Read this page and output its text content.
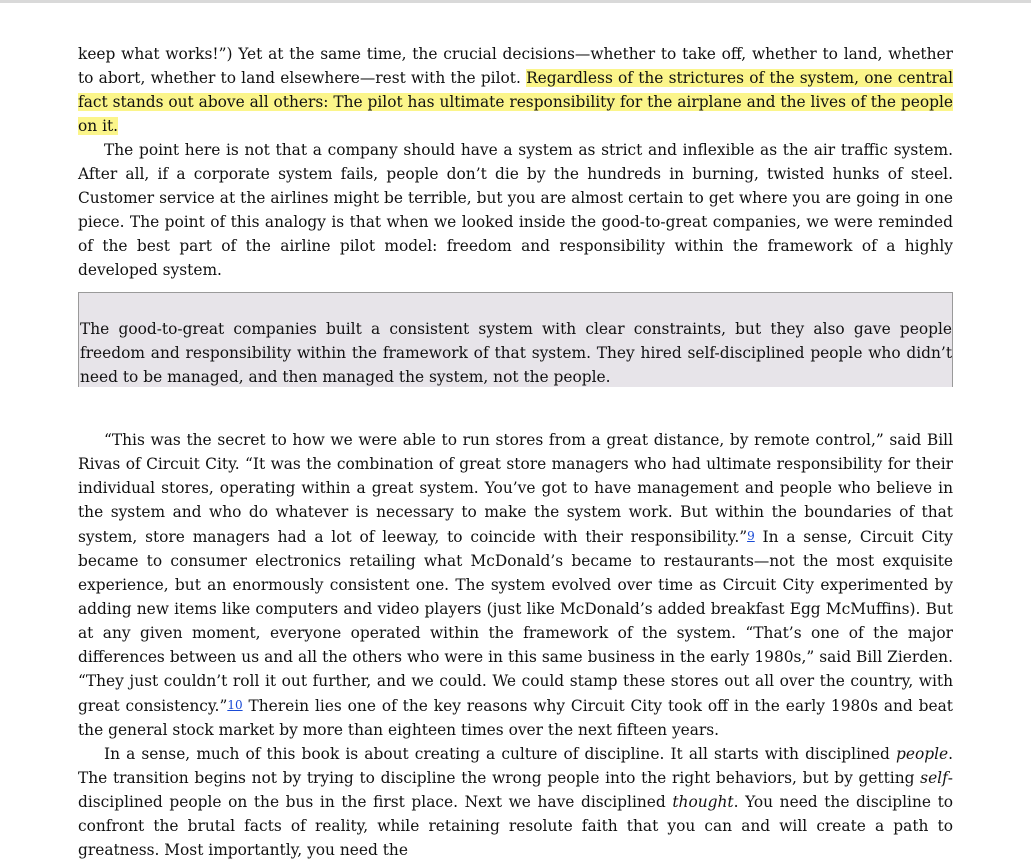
keep what works!”) Yet at the same time, the crucial decisions—whether to take off, whether to land, whether to abort, whether to land elsewhere—rest with the pilot. Regardless of the strictures of the system, one central fact stands out above all others: The pilot has ultimate responsibility for the airplane and the lives of the people on it.

The point here is not that a company should have a system as strict and inflexible as the air traffic system. After all, if a corporate system fails, people don’t die by the hundreds in burning, twisted hunks of steel. Customer service at the airlines might be terrible, but you are almost certain to get where you are going in one piece. The point of this analogy is that when we looked inside the good-to-great companies, we were reminded of the best part of the airline pilot model: freedom and responsibility within the framework of a highly developed system.

The good-to-great companies built a consistent system with clear constraints, but they also gave people freedom and responsibility within the framework of that system. They hired self-disciplined people who didn’t need to be managed, and then managed the system, not the people.

“This was the secret to how we were able to run stores from a great distance, by remote control,” said Bill Rivas of Circuit City. “It was the combination of great store managers who had ultimate responsibility for their individual stores, operating within a great system. You’ve got to have management and people who believe in the system and who do whatever is necessary to make the system work. But within the boundaries of that system, store managers had a lot of leeway, to coincide with their responsibility.”9 In a sense, Circuit City became to consumer electronics retailing what McDonald’s became to restaurants—not the most exquisite experience, but an enormously consistent one. The system evolved over time as Circuit City experimented by adding new items like computers and video players (just like McDonald’s added breakfast Egg McMuffins). But at any given moment, everyone operated within the framework of the system. “That’s one of the major differences between us and all the others who were in this same business in the early 1980s,” said Bill Zierden. “They just couldn’t roll it out further, and we could. We could stamp these stores out all over the country, with great consistency.”10 Therein lies one of the key reasons why Circuit City took off in the early 1980s and beat the general stock market by more than eighteen times over the next fifteen years.

In a sense, much of this book is about creating a culture of discipline. It all starts with disciplined people. The transition begins not by trying to discipline the wrong people into the right behaviors, but by getting self-disciplined people on the bus in the first place. Next we have disciplined thought. You need the discipline to confront the brutal facts of reality, while retaining resolute faith that you can and will create a path to greatness. Most importantly, you need the
